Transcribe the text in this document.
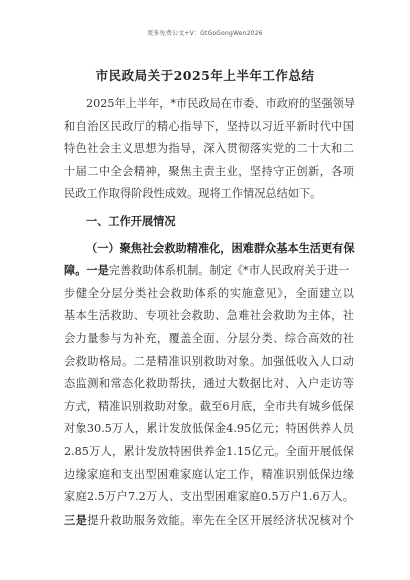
更多免费公文+V：GtGoGongWen2026
市民政局关于2025年上半年工作总结
2025年上半年，*市民政局在市委、市政府的坚强领导
和自治区民政厅的精心指导下，坚持以习近平新时代中国
特色社会主义思想为指导，深入贯彻落实党的二十大和二
十届二中全会精神，聚焦主责主业，坚持守正创新，各项
民政工作取得阶段性成效。现将工作情况总结如下。
一、工作开展情况
（一）聚焦社会救助精准化，困难群众基本生活更有保
障。一是完善救助体系机制。制定《*市人民政府关于进一
步健全分层分类社会救助体系的实施意见》，全面建立以
基本生活救助、专项社会救助、急难社会救助为主体，社
会力量参与为补充，覆盖全面、分层分类、综合高效的社
会救助格局。二是精准识别救助对象。加强低收入人口动
态监测和常态化救助帮扶，通过大数据比对、入户走访等
方式，精准识别救助对象。截至6月底，全市共有城乡低保
对象30.5万人，累计发放低保金4.95亿元；特困供养人员
2.85万人，累计发放特困供养金1.15亿元。全面开展低保
边缘家庭和支出型困难家庭认定工作，精准识别低保边缘
家庭2.5万户7.2万人、支出型困难家庭0.5万户1.6万人。
三是提升救助服务效能。率先在全区开展经济状况核对个
